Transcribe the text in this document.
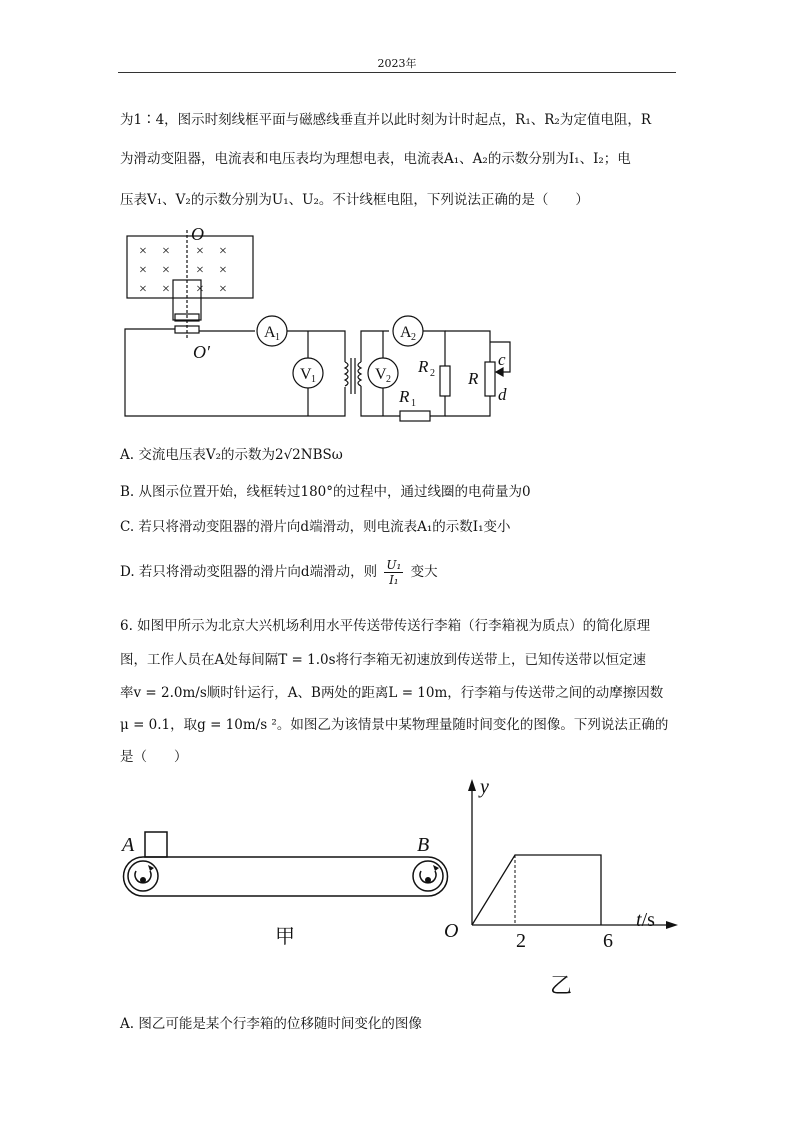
2023年
为1∶4，图示时刻线框平面与磁感线垂直并以此时刻为计时起点，R₁、R₂为定值电阻，R
为滑动变阻器，电流表和电压表均为理想电表，电流表A₁、A₂的示数分别为I₁、I₂；电
压表V₁、V₂的示数分别为U₁、U₂。不计线框电阻，下列说法正确的是（　　）
× × × ×
× × × ×
× × × ×
O
O′
A 1	A 2
V 1	V 2
R 2
R 1
R
c
d
A. 交流电压表V₂的示数为2√2NBSω
B. 从图示位置开始，线框转过180°的过程中，通过线圈的电荷量为0
C. 若只将滑动变阻器的滑片向d端滑动，则电流表A₁的示数I₁变小
D. 若只将滑动变阻器的滑片向d端滑动，则 $\frac{\text{U₁}}{\text{I₁}}$ 变大
6. 如图甲所示为北京大兴机场利用水平传送带传送行李箱（行李箱视为质点）的简化原理
图，工作人员在A处每间隔T = 1.0s将行李箱无初速放到传送带上，已知传送带以恒定速
率v = 2.0m/s顺时针运行，A、B两处的距离L = 10m，行李箱与传送带之间的动摩擦因数
μ = 0.1，取g = 10m/s ²。如图乙为该情景中某物理量随时间变化的图像。下列说法正确的
是（　　）
A	B
甲
y
O	t/s
2	6
乙
A. 图乙可能是某个行李箱的位移随时间变化的图像
